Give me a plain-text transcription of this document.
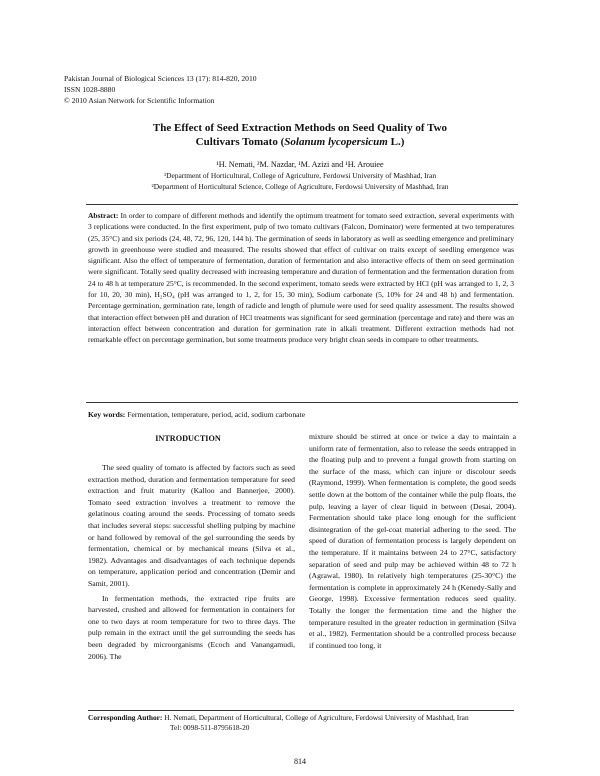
Pakistan Journal of Biological Sciences 13 (17): 814-820, 2010
ISSN 1028-8880
© 2010 Asian Network for Scientific Information
The Effect of Seed Extraction Methods on Seed Quality of Two
Cultivars Tomato (Solanum lycopersicum L.)
¹H. Nemati, ²M. Nazdar, ¹M. Azizi and ¹H. Arouiee
¹Department of Horticultural, College of Agriculture, Ferdowsi University of Mashhad, Iran
²Department of Horticultural Science, College of Agriculture, Ferdowsi University of Mashhad, Iran
Abstract: In order to compare of different methods and identify the optimum treatment for tomato seed extraction, several experiments with 3 replications were conducted. In the first experiment, pulp of two tomato cultivars (Falcon, Dominator) were fermented at two temperatures (25, 35°C) and six periods (24, 48, 72, 96, 120, 144 h). The germination of seeds in laboratory as well as seedling emergence and preliminary growth in greenhouse were studied and measured. The results showed that effect of cultivar on traits except of seedling emergence was significant. Also the effect of temperature of fermentation, duration of fermentation and also interactive effects of them on seed germination were significant. Totally seed quality decreased with increasing temperature and duration of fermentation and the fermentation duration from 24 to 48 h at temperature 25°C, is recommended. In the second experiment, tomato seeds were extracted by HCl (pH was arranged to 1, 2, 3 for 10, 20, 30 min), H₂SO₄ (pH was arranged to 1, 2, for 15, 30 min), Sodium carbonate (5, 10% for 24 and 48 h) and fermentation. Percentage germination, germination rate, length of radicle and length of plumule were used for seed quality assessment. The results showed that interaction effect between pH and duration of HCl treatments was significant for seed germination (percentage and rate) and there was an interaction effect between concentration and duration for germination rate in alkali treatment. Different extraction methods had not remarkable effect on percentage germination, but some treatments produce very bright clean seeds in compare to other treatments.
Key words: Fermentation, temperature, period, acid, sodium carbonate
INTRODUCTION

The seed quality of tomato is affected by factors such as seed extraction method, duration and fermentation temperature for seed extraction and fruit maturity (Kalloo and Bannerjee, 2000). Tomato seed extraction involves a treatment to remove the gelatinous coating around the seeds. Processing of tomato seeds that includes several steps: successful shelling pulping by machine or hand followed by removal of the gel surrounding the seeds by fermentation, chemical or by mechanical means (Silva et al., 1982). Advantages and disadvantages of each technique depends on temperature, application period and concentration (Demir and Samit, 2001).

In fermentation methods, the extracted ripe fruits are harvested, crushed and allowed for fermentation in containers for one to two days at room temperature for two to three days. The pulp remain in the extract until the gel surrounding the seeds has been degraded by microorganisms (Ecoch and Vanangamudi, 2006). The

mixture should be stirred at once or twice a day to maintain a uniform rate of fermentation, also to release the seeds entrapped in the floating pulp and to prevent a fungal growth from starting on the surface of the mass, which can injure or discolour seeds (Raymond, 1999). When fermentation is complete, the good seeds settle down at the bottom of the container while the pulp floats, the pulp, leaving a layer of clear liquid in between (Desai, 2004). Fermentation should take place long enough for the sufficient disintegration of the gel-coat material adhering to the seed. The speed of duration of fermentation process is largely dependent on the temperature. If it maintains between 24 to 27°C, satisfactory separation of seed and pulp may be achieved within 48 to 72 h (Agrawal, 1980). In relatively high temperatures (25-30°C) the fermentation is complete in approximately 24 h (Kenedy-Sally and George, 1998). Excessive fermentation reduces seed quality. Totally the longer the fermentation time and the higher the temperature resulted in the greater reduction in germination (Silva et al., 1982). Fermentation should be a controlled process because if continued too long, it

Corresponding Author: H. Nemati, Department of Horticultural, College of Agriculture, Ferdowsi University of Mashhad, Iran
Tel: 0098-511-8795618-20
814
